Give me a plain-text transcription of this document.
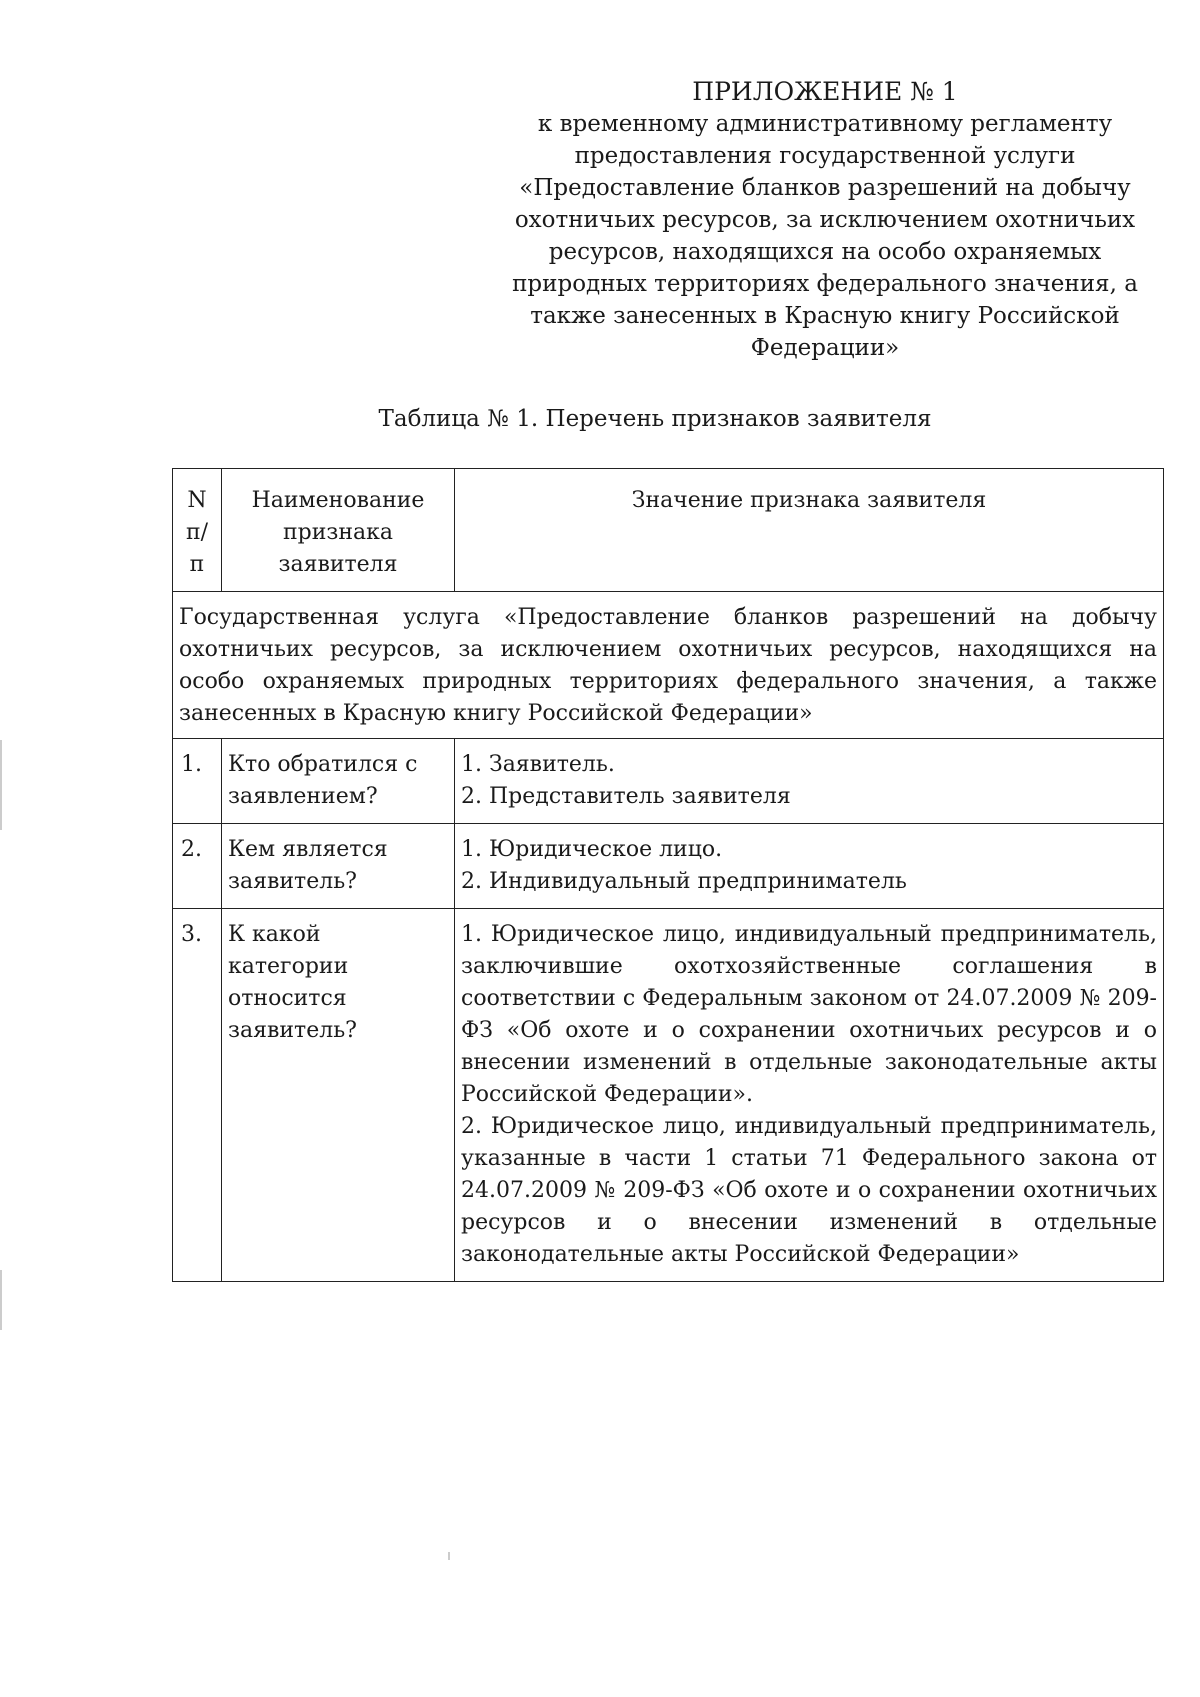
ПРИЛОЖЕНИЕ № 1
к временному административному регламенту
предоставления государственной услуги
«Предоставление бланков разрешений на добычу
охотничьих ресурсов, за исключением охотничьих
ресурсов, находящихся на особо охраняемых
природных территориях федерального значения, а
также занесенных в Красную книгу Российской
Федерации»
Таблица № 1. Перечень признаков заявителя
N п/п	Наименование признака заявителя	Значение признака заявителя
Государственная услуга «Предоставление бланков разрешений на добычу охотничьих ресурсов, за исключением охотничьих ресурсов, находящихся на особо охраняемых природных территориях федерального значения, а также занесенных в Красную книгу Российской Федерации»		
1.	Кто обратился с заявлением?	1. Заявитель.
2. Представитель заявителя

2.	Кем является заявитель?	1. Юридическое лицо.
2. Индивидуальный предприниматель

3.	К какой категории относится заявитель?	1. Юридическое лицо, индивидуальный предприниматель, заключившие охотхозяйственные соглашения в соответствии с Федеральным законом от 24.07.2009 № 209-ФЗ «Об охоте и о сохранении охотничьих ресурсов и о внесении изменений в отдельные законодательные акты Российской Федерации».
2. Юридическое лицо, индивидуальный предприниматель, указанные в части 1 статьи 71 Федерального закона от 24.07.2009 № 209-ФЗ «Об охоте и о сохранении охотничьих ресурсов и о внесении изменений в отдельные законодательные акты Российской Федерации»
